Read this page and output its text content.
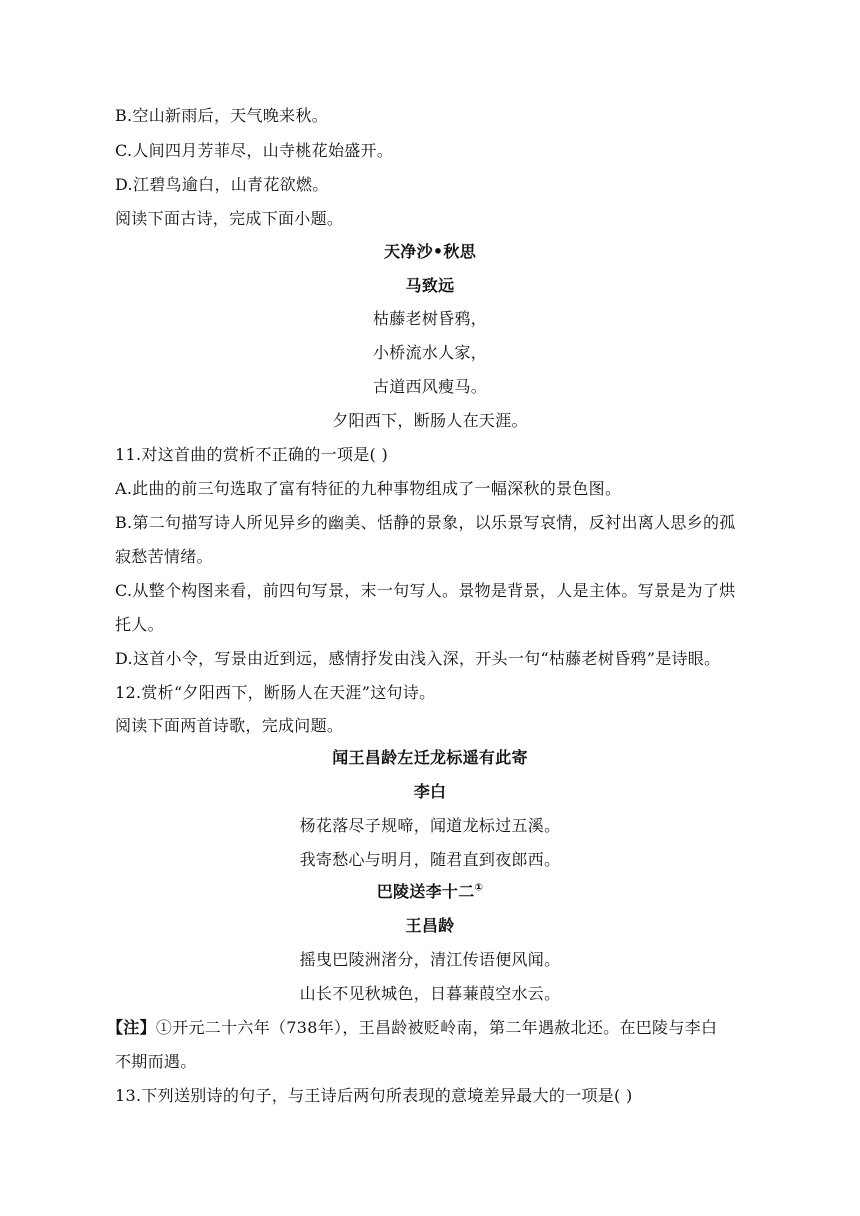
B.空山新雨后，天气晚来秋。
C.人间四月芳菲尽，山寺桃花始盛开。
D.江碧鸟逾白，山青花欲燃。
阅读下面古诗，完成下面小题。
天净沙•秋思
马致远
枯藤老树昏鸦，
小桥流水人家，
古道西风瘦马。
夕阳西下，断肠人在天涯。
11.对这首曲的赏析不正确的一项是( )
A.此曲的前三句选取了富有特征的九种事物组成了一幅深秋的景色图。
B.第二句描写诗人所见异乡的幽美、恬静的景象，以乐景写哀情，反衬出离人思乡的孤
寂愁苦情绪。
C.从整个构图来看，前四句写景，末一句写人。景物是背景，人是主体。写景是为了烘
托人。
D.这首小令，写景由近到远，感情抒发由浅入深，开头一句“枯藤老树昏鸦”是诗眼。
12.赏析“夕阳西下，断肠人在天涯”这句诗。
阅读下面两首诗歌，完成问题。
闻王昌龄左迁龙标遥有此寄
李白
杨花落尽子规啼，闻道龙标过五溪。
我寄愁心与明月，随君直到夜郎西。
巴陵送李十二①
王昌龄
摇曳巴陵洲渚分，清江传语便风闻。
山长不见秋城色，日暮蒹葭空水云。
【注】①开元二十六年（738年），王昌龄被贬岭南，第二年遇赦北还。在巴陵与李白
不期而遇。
13.下列送别诗的句子，与王诗后两句所表现的意境差异最大的一项是( )
